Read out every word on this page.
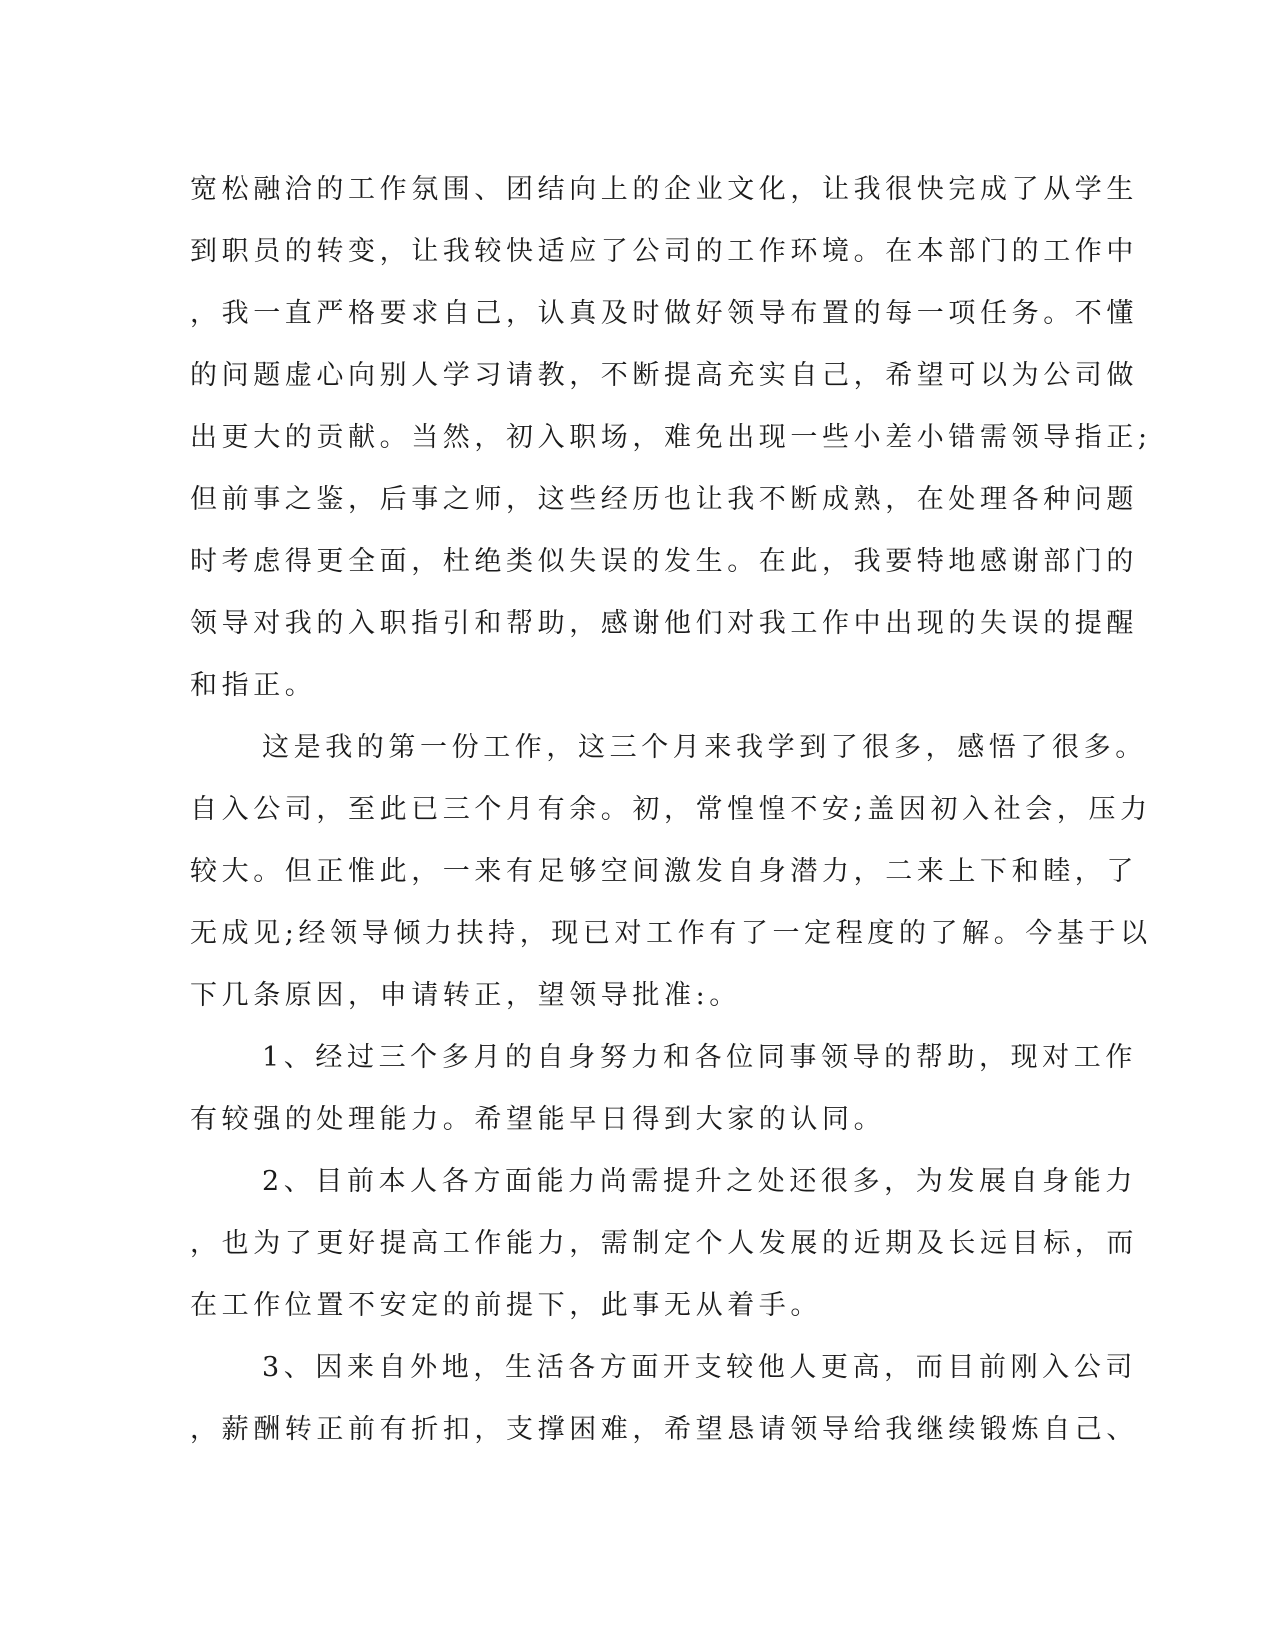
宽松融洽的工作氛围、团结向上的企业文化，让我很快完成了从学生
到职员的转变，让我较快适应了公司的工作环境。在本部门的工作中
，我一直严格要求自己，认真及时做好领导布置的每一项任务。不懂
的问题虚心向别人学习请教，不断提高充实自己，希望可以为公司做
出更大的贡献。当然，初入职场，难免出现一些小差小错需领导指正;
但前事之鉴，后事之师，这些经历也让我不断成熟，在处理各种问题
时考虑得更全面，杜绝类似失误的发生。在此，我要特地感谢部门的
领导对我的入职指引和帮助，感谢他们对我工作中出现的失误的提醒
和指正。
这是我的第一份工作，这三个月来我学到了很多，感悟了很多。
自入公司，至此已三个月有余。初，常惶惶不安;盖因初入社会，压力
较大。但正惟此，一来有足够空间激发自身潜力，二来上下和睦，了
无成见;经领导倾力扶持，现已对工作有了一定程度的了解。今基于以
下几条原因，申请转正，望领导批准:。
1、经过三个多月的自身努力和各位同事领导的帮助，现对工作
有较强的处理能力。希望能早日得到大家的认同。
2、目前本人各方面能力尚需提升之处还很多，为发展自身能力
，也为了更好提高工作能力，需制定个人发展的近期及长远目标，而
在工作位置不安定的前提下，此事无从着手。
3、因来自外地，生活各方面开支较他人更高，而目前刚入公司
，薪酬转正前有折扣，支撑困难，希望恳请领导给我继续锻炼自己、
